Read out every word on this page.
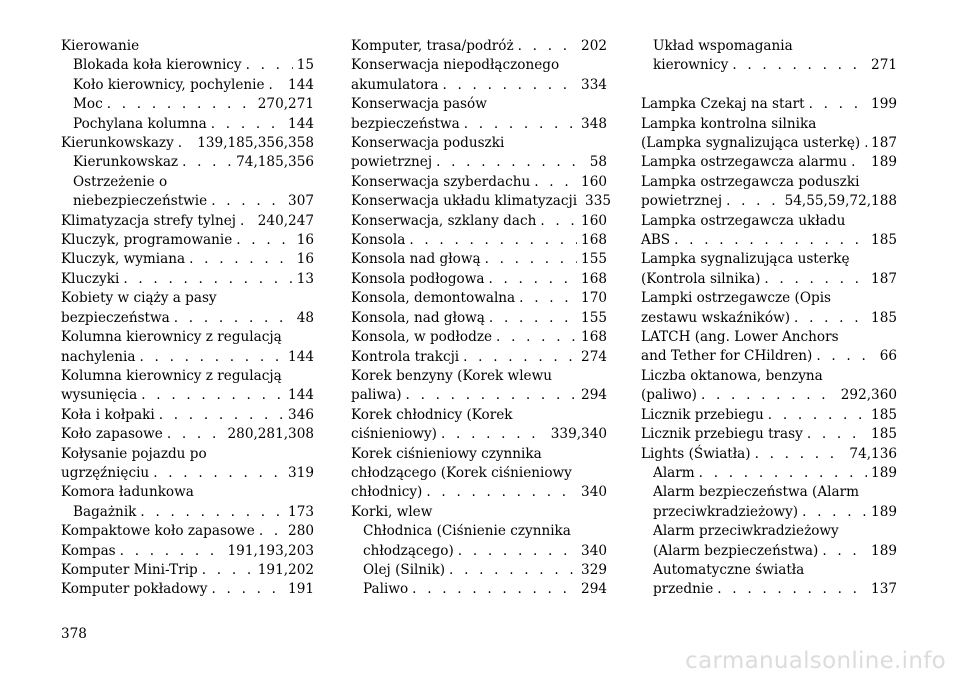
Kierowanie
Blokada koła kierownicy . . .	15
Koło kierownicy, pochylenie . . . 144
Moc . . .	270,271
Pochylana kolumna . . .	144
Kierunkowskazy . . . 139,185,356,358
Kierunkowskaz . . .	74,185,356
Ostrzeżenie o
niebezpieczeństwie . . .	307
Klimatyzacja strefy tylnej . . . 240,247
Kluczyk, programowanie . . .	16
Kluczyk, wymiana . . .	16
Kluczyki . . .	13
Kobiety w ciąży a pasy
bezpieczeństwa . . .	48
Kolumna kierownicy z regulacją
nachylenia . . .	144
Kolumna kierownicy z regulacją
wysunięcia . . .	144
Koła i kołpaki . . .	346
Koło zapasowe . . .	280,281,308
Kołysanie pojazdu po
ugrzęźnięciu . . .	319
Komora ładunkowa
Bagażnik . . .	173
Kompaktowe koło zapasowe . . . 280
Kompas . . .	191,193,203
Komputer Mini-Trip . . .	191,202
Komputer pokładowy . . .	191
Komputer, trasa/podróż . . .	202
Konserwacja niepodłączonego
akumulatora . . .	334
Konserwacja pasów
bezpieczeństwa . . .	348
Konserwacja poduszki
powietrznej . . .	58
Konserwacja szyberdachu . . .	160
Konserwacja układu klimatyzacji 335
Konserwacja, szklany dach . . .	160
Konsola . . .	168
Konsola nad głową . . .	155
Konsola podłogowa . . .	168
Konsola, demontowalna . . .	170
Konsola, nad głową . . .	155
Konsola, w podłodze . . .	168
Kontrola trakcji . . .	274
Korek benzyny (Korek wlewu
paliwa) . . .	294
Korek chłodnicy (Korek
ciśnieniowy) . . .	339,340
Korek ciśnieniowy czynnika
chłodzącego (Korek ciśnieniowy
chłodnicy) . . .	340
Korki, wlew
Chłodnica (Ciśnienie czynnika
chłodzącego) . . .	340
Olej (Silnik) . . .	329
Paliwo . . .	294
Układ wspomagania
kierownicy . . .	271
Lampka Czekaj na start . . .	199
Lampka kontrolna silnika
(Lampka sygnalizująca usterkę) . . . 187
Lampka ostrzegawcza alarmu . . . 189
Lampka ostrzegawcza poduszki
powietrznej . . .	54,55,59,72,188
Lampka ostrzegawcza układu
ABS . . .	185
Lampka sygnalizująca usterkę
(Kontrola silnika) . . .	187
Lampki ostrzegawcze (Opis
zestawu wskaźników) . . .	185
LATCH (ang. Lower Anchors
and Tether for CHildren) . . .	66
Liczba oktanowa, benzyna
(paliwo) . . .	292,360
Licznik przebiegu . . .	185
Licznik przebiegu trasy . . .	185
Lights (Światła) . . .	74,136
Alarm . . .	189
Alarm bezpieczeństwa (Alarm
przeciwkradzieżowy) . . .	189
Alarm przeciwkradzieżowy
(Alarm bezpieczeństwa) . . .	189
Automatyczne światła
przednie . . .	137
378
carmanualsonline.info
